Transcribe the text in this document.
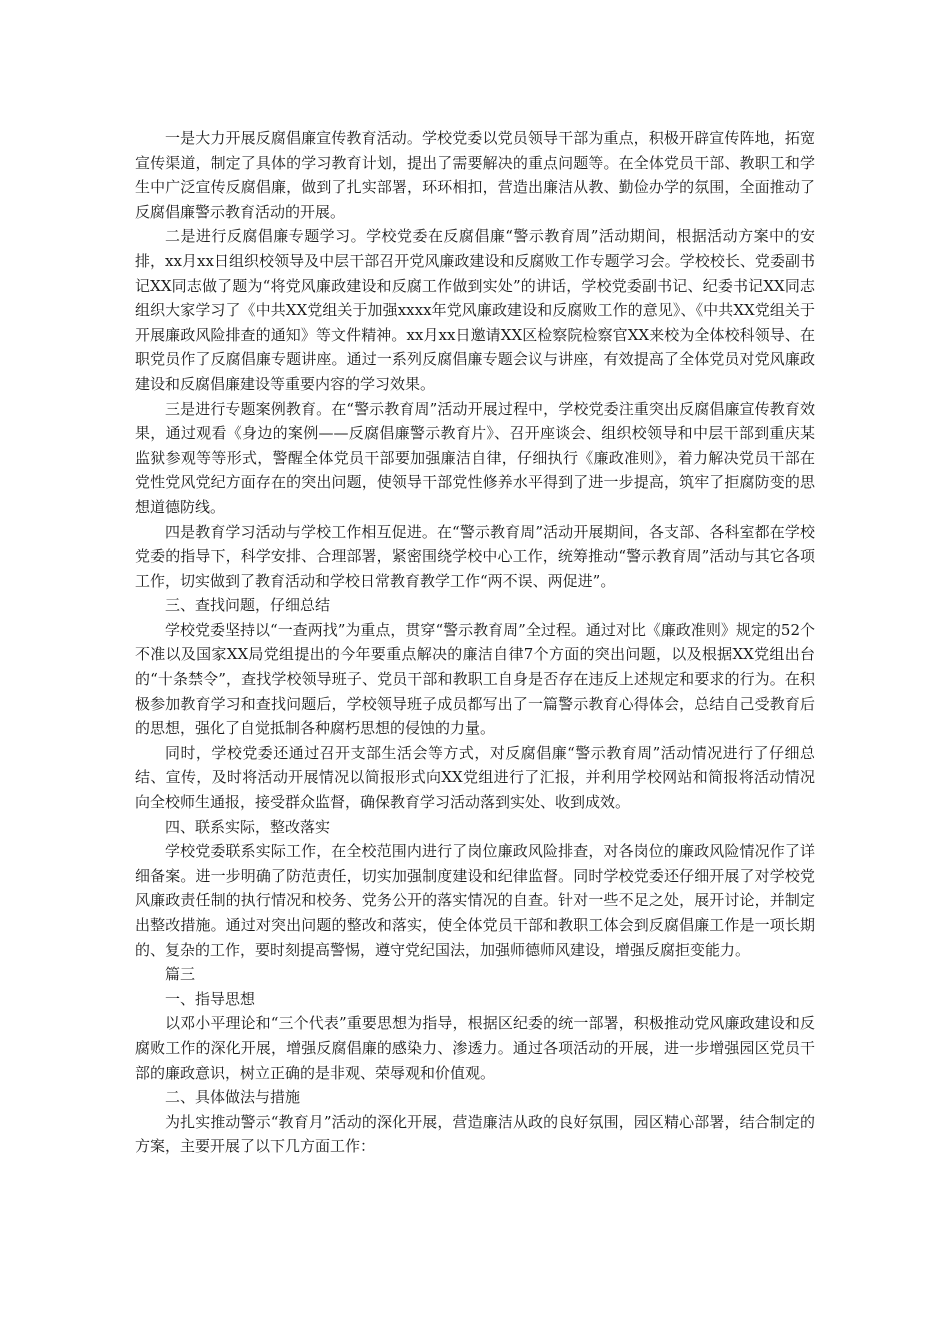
一是大力开展反腐倡廉宣传教育活动。学校党委以党员领导干部为重点，积极开辟宣传阵地，拓宽宣传渠道，制定了具体的学习教育计划，提出了需要解决的重点问题等。在全体党员干部、教职工和学生中广泛宣传反腐倡廉，做到了扎实部署，环环相扣，营造出廉洁从教、勤俭办学的氛围，全面推动了反腐倡廉警示教育活动的开展。

二是进行反腐倡廉专题学习。学校党委在反腐倡廉“警示教育周”活动期间，根据活动方案中的安排，xx月xx日组织校领导及中层干部召开党风廉政建设和反腐败工作专题学习会。学校校长、党委副书记XX同志做了题为“将党风廉政建设和反腐工作做到实处”的讲话，学校党委副书记、纪委书记XX同志组织大家学习了《中共XX党组关于加强xxxx年党风廉政建设和反腐败工作的意见》、《中共XX党组关于开展廉政风险排查的通知》等文件精神。xx月xx日邀请XX区检察院检察官XX来校为全体校科领导、在职党员作了反腐倡廉专题讲座。通过一系列反腐倡廉专题会议与讲座，有效提高了全体党员对党风廉政建设和反腐倡廉建设等重要内容的学习效果。

三是进行专题案例教育。在“警示教育周”活动开展过程中，学校党委注重突出反腐倡廉宣传教育效果，通过观看《身边的案例——反腐倡廉警示教育片》、召开座谈会、组织校领导和中层干部到重庆某监狱参观等等形式，警醒全体党员干部要加强廉洁自律，仔细执行《廉政准则》，着力解决党员干部在党性党风党纪方面存在的突出问题，使领导干部党性修养水平得到了进一步提高，筑牢了拒腐防变的思想道德防线。

四是教育学习活动与学校工作相互促进。在“警示教育周”活动开展期间，各支部、各科室都在学校党委的指导下，科学安排、合理部署，紧密围绕学校中心工作，统筹推动“警示教育周”活动与其它各项工作，切实做到了教育活动和学校日常教育教学工作“两不误、两促进”。

三、查找问题，仔细总结

学校党委坚持以“一查两找”为重点，贯穿“警示教育周”全过程。通过对比《廉政准则》规定的52个不准以及国家XX局党组提出的今年要重点解决的廉洁自律7个方面的突出问题，以及根据XX党组出台的“十条禁令”，查找学校领导班子、党员干部和教职工自身是否存在违反上述规定和要求的行为。在积极参加教育学习和查找问题后，学校领导班子成员都写出了一篇警示教育心得体会，总结自己受教育后的思想，强化了自觉抵制各种腐朽思想的侵蚀的力量。

同时，学校党委还通过召开支部生活会等方式，对反腐倡廉“警示教育周”活动情况进行了仔细总结、宣传，及时将活动开展情况以简报形式向XX党组进行了汇报，并利用学校网站和简报将活动情况向全校师生通报，接受群众监督，确保教育学习活动落到实处、收到成效。

四、联系实际，整改落实

学校党委联系实际工作，在全校范围内进行了岗位廉政风险排查，对各岗位的廉政风险情况作了详细备案。进一步明确了防范责任，切实加强制度建设和纪律监督。同时学校党委还仔细开展了对学校党风廉政责任制的执行情况和校务、党务公开的落实情况的自查。针对一些不足之处，展开讨论，并制定出整改措施。通过对突出问题的整改和落实，使全体党员干部和教职工体会到反腐倡廉工作是一项长期的、复杂的工作，要时刻提高警惕，遵守党纪国法，加强师德师风建设，增强反腐拒变能力。

篇三

一、指导思想

以邓小平理论和“三个代表”重要思想为指导，根据区纪委的统一部署，积极推动党风廉政建设和反腐败工作的深化开展，增强反腐倡廉的感染力、渗透力。通过各项活动的开展，进一步增强园区党员干部的廉政意识，树立正确的是非观、荣辱观和价值观。

二、具体做法与措施

为扎实推动警示“教育月”活动的深化开展，营造廉洁从政的良好氛围，园区精心部署，结合制定的方案，主要开展了以下几方面工作：
